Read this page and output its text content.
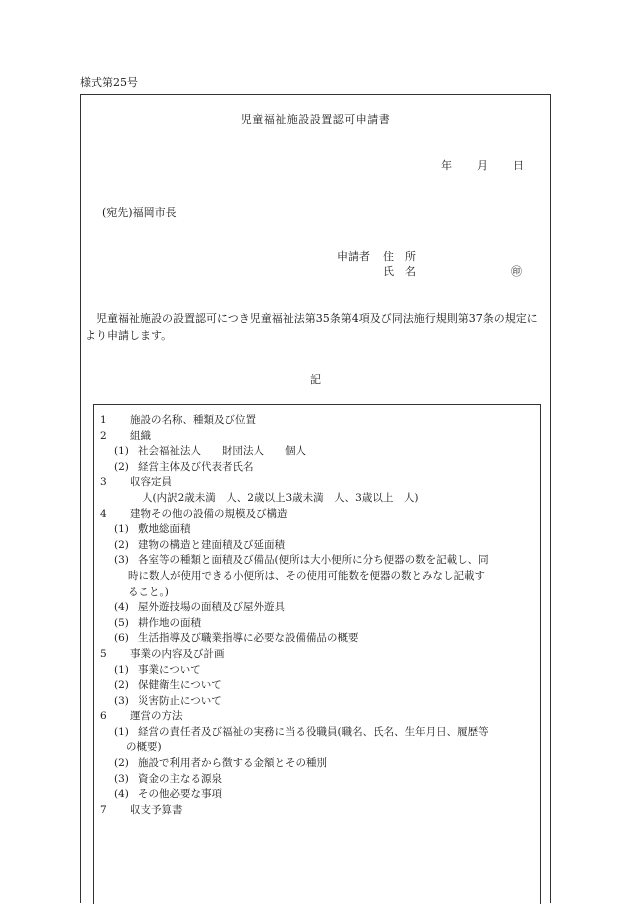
様式第25号
児童福祉施設設置認可申請書
年 月 日
(宛先)福岡市長
申請者 住　所
氏　名	㊞
児童福祉施設の設置認可につき児童福祉法第35条第4項及び同法施行規則第37条の規定により申請します。
記
1 施設の名称、種類及び位置
2 組織
(1) 社会福祉法人　　財団法人　　個人
(2) 経営主体及び代表者氏名
3 収容定員
人(内訳2歳未満　人、2歳以上3歳未満　人、3歳以上　人)
4 建物その他の設備の規模及び構造
(1) 敷地総面積
(2) 建物の構造と建面積及び延面積
(3) 各室等の種類と面積及び備品(便所は大小便所に分ち便器の数を記載し、同
時に数人が使用できる小便所は、その使用可能数を便器の数とみなし記載す
ること。)
(4) 屋外遊技場の面積及び屋外遊具
(5) 耕作地の面積
(6) 生活指導及び職業指導に必要な設備備品の概要
5 事業の内容及び計画
(1) 事業について
(2) 保健衛生について
(3) 災害防止について
6 運営の方法
(1) 経営の責任者及び福祉の実務に当る役職員(職名、氏名、生年月日、履歴等
の概要)
(2) 施設で利用者から徴する金額とその種別
(3) 資金の主なる源泉
(4) その他必要な事項
7 収支予算書
